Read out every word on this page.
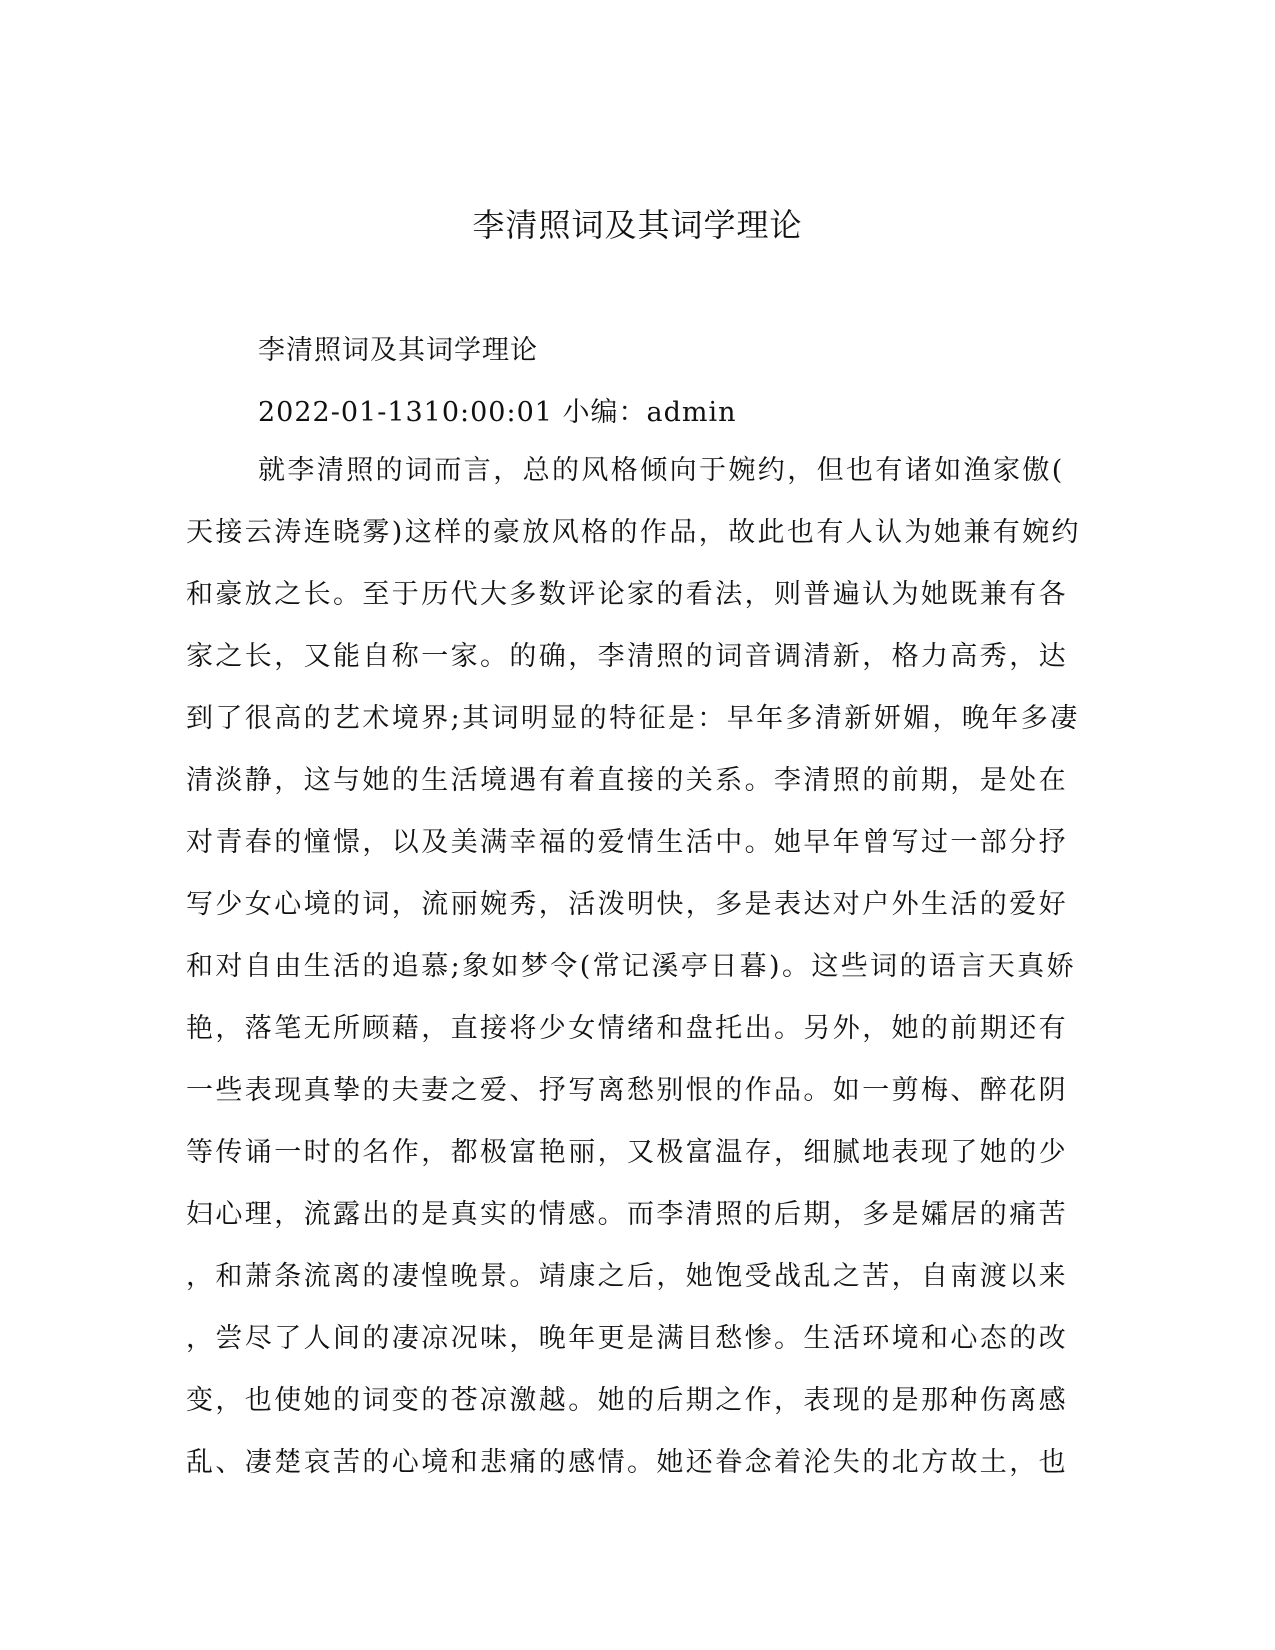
李清照词及其词学理论

李清照词及其词学理论

2022-01-1310:00:01 小编：admin

就李清照的词而言，总的风格倾向于婉约，但也有诸如渔家傲(
天接云涛连晓雾)这样的豪放风格的作品，故此也有人认为她兼有婉约
和豪放之长。至于历代大多数评论家的看法，则普遍认为她既兼有各
家之长，又能自称一家。的确，李清照的词音调清新，格力高秀，达
到了很高的艺术境界;其词明显的特征是：早年多清新妍媚，晚年多凄
清淡静，这与她的生活境遇有着直接的关系。李清照的前期，是处在
对青春的憧憬，以及美满幸福的爱情生活中。她早年曾写过一部分抒
写少女心境的词，流丽婉秀，活泼明快，多是表达对户外生活的爱好
和对自由生活的追慕;象如梦令(常记溪亭日暮)。这些词的语言天真娇
艳，落笔无所顾藉，直接将少女情绪和盘托出。另外，她的前期还有
一些表现真挚的夫妻之爱、抒写离愁别恨的作品。如一剪梅、醉花阴
等传诵一时的名作，都极富艳丽，又极富温存，细腻地表现了她的少
妇心理，流露出的是真实的情感。而李清照的后期，多是孀居的痛苦
，和萧条流离的凄惶晚景。靖康之后，她饱受战乱之苦，自南渡以来
，尝尽了人间的凄凉况味，晚年更是满目愁惨。生活环境和心态的改
变，也使她的词变的苍凉激越。她的后期之作，表现的是那种伤离感
乱、凄楚哀苦的心境和悲痛的感情。她还眷念着沦失的北方故土，也
